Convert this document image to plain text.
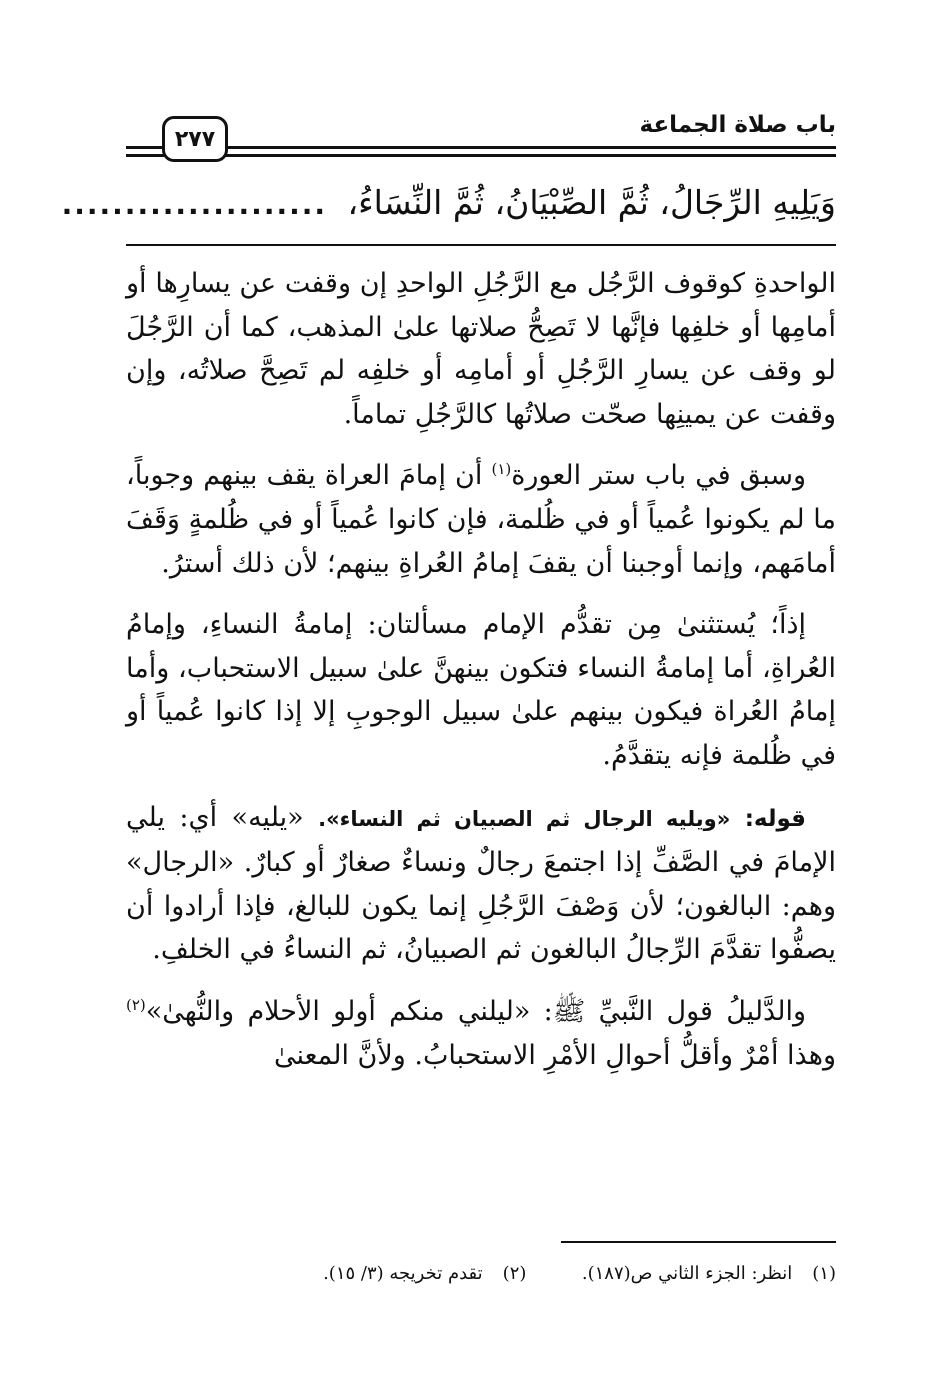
باب صلاة الجماعة
٢٧٧
وَيَلِيهِ الرِّجَالُ، ثُمَّ الصِّبْيَانُ، ثُمَّ النِّسَاءُ، .....................

الواحدةِ كوقوف الرَّجُل مع الرَّجُلِ الواحدِ إن وقفت عن يسارِها أو أمامِها أو خلفِها فإنَّها لا تَصِحُّ صلاتها علىٰ المذهب، كما أن الرَّجُلَ لو وقف عن يسارِ الرَّجُلِ أو أمامِه أو خلفِه لم تَصِحَّ صلاتُه، وإن وقفت عن يمينِها صحّت صلاتُها كالرَّجُلِ تماماً.

وسبق في باب ستر العورة$^{(١)}$ أن إمامَ العراة يقف بينهم وجوباً، ما لم يكونوا عُمياً أو في ظُلمة، فإن كانوا عُمياً أو في ظُلمةٍ وَقَفَ أمامَهم، وإنما أوجبنا أن يقفَ إمامُ العُراةِ بينهم؛ لأن ذلك أسترُ.

إذاً؛ يُستثنىٰ مِن تقدُّم الإمام مسألتان: إمامةُ النساءِ، وإمامُ العُراةِ، أما إمامةُ النساء فتكون بينهنَّ علىٰ سبيل الاستحباب، وأما إمامُ العُراة فيكون بينهم علىٰ سبيل الوجوبِ إلا إذا كانوا عُمياً أو في ظُلمة فإنه يتقدَّمُ.

قوله: «ويليه الرجال ثم الصبيان ثم النساء». «يليه» أي: يلي الإمامَ في الصَّفِّ إذا اجتمعَ رجالٌ ونساءٌ صغارٌ أو كبارٌ. «الرجال» وهم: البالغون؛ لأن وَصْفَ الرَّجُلِ إنما يكون للبالغ، فإذا أرادوا أن يصفُّوا تقدَّمَ الرِّجالُ البالغون ثم الصبيانُ، ثم النساءُ في الخلفِ.

والدَّليلُ قول النَّبيِّ ﷺ: «ليلني منكم أولو الأحلام والنُّهىٰ»$^{(٢)}$ وهذا أمْرٌ وأقلُّ أحوالِ الأمْرِ الاستحبابُ. ولأنَّ المعنىٰ

(١)انظر: الجزء الثاني ص(١٨٧).  (٢)تقدم تخريجه (٣/ ١٥).
